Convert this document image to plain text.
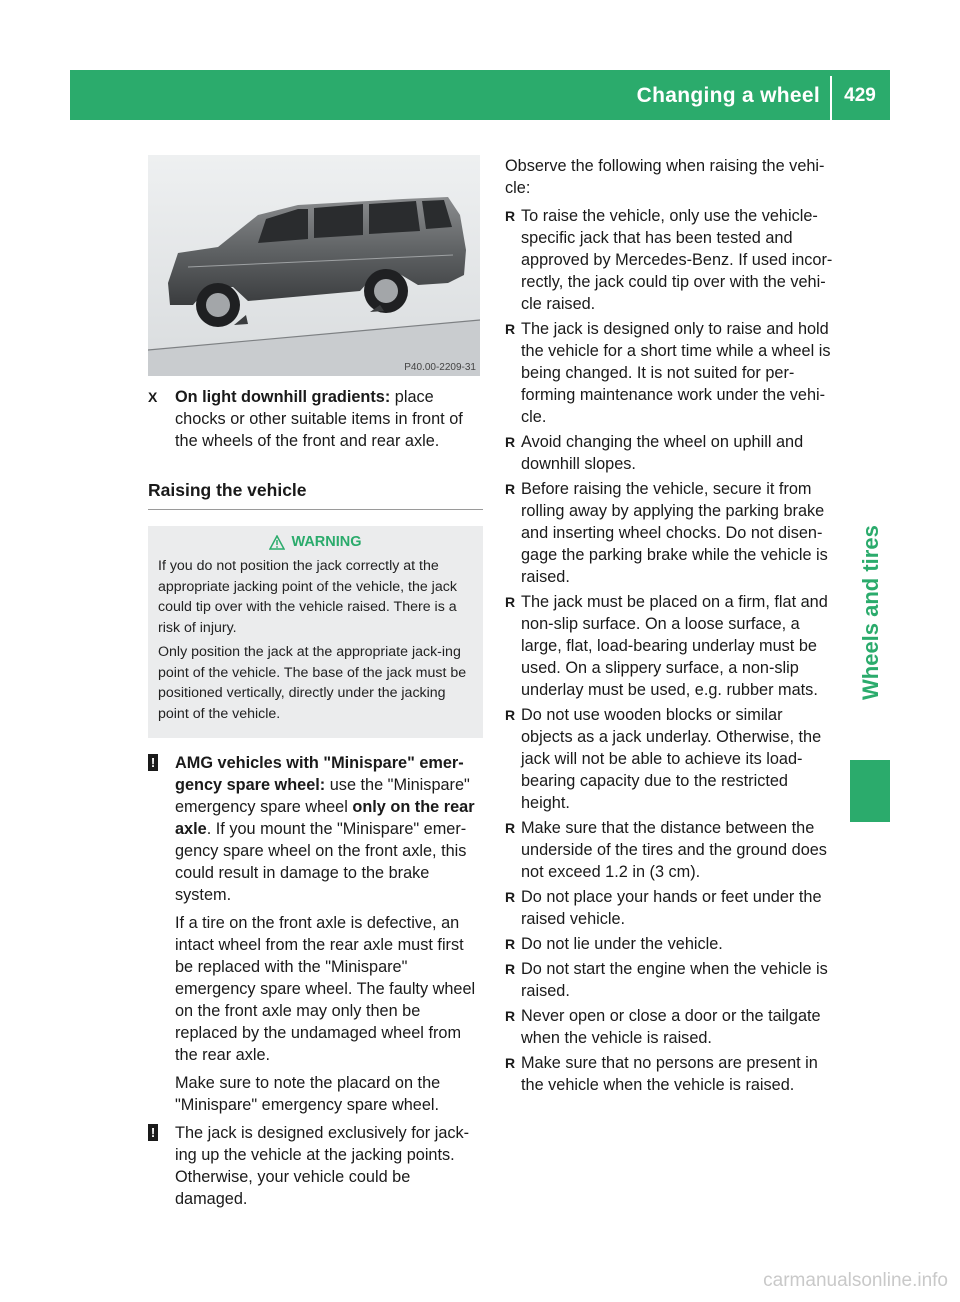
Changing a wheel	429
Wheels and tires
P40.00-2209-31
X On light downhill gradients: place chocks or other suitable items in front of the wheels of the front and rear axle.
Raising the vehicle
WARNING

If you do not position the jack correctly at the appropriate jacking point of the vehicle, the jack could tip over with the vehicle raised. There is a risk of injury.

Only position the jack at the appropriate jack-ing point of the vehicle. The base of the jack must be positioned vertically, directly under the jacking point of the vehicle.

! AMG vehicles with "Minispare" emer-gency spare wheel: use the "Minispare" emergency spare wheel only on the rear axle. If you mount the "Minispare" emer-gency spare wheel on the front axle, this could result in damage to the brake system.

If a tire on the front axle is defective, an intact wheel from the rear axle must first be replaced with the "Minispare" emergency spare wheel. The faulty wheel on the front axle may only then be replaced by the undamaged wheel from the rear axle.

Make sure to note the placard on the "Minispare" emergency spare wheel.

! The jack is designed exclusively for jack-ing up the vehicle at the jacking points. Otherwise, your vehicle could be damaged.

Observe the following when raising the vehi-cle:
R To raise the vehicle, only use the vehicle-specific jack that has been tested and approved by Mercedes-Benz. If used incor-rectly, the jack could tip over with the vehi-cle raised.
R The jack is designed only to raise and hold the vehicle for a short time while a wheel is being changed. It is not suited for per-forming maintenance work under the vehi-cle.
R Avoid changing the wheel on uphill and downhill slopes.
R Before raising the vehicle, secure it from rolling away by applying the parking brake and inserting wheel chocks. Do not disen-gage the parking brake while the vehicle is raised.
R The jack must be placed on a firm, flat and non-slip surface. On a loose surface, a large, flat, load-bearing underlay must be used. On a slippery surface, a non-slip underlay must be used, e.g. rubber mats.
R Do not use wooden blocks or similar objects as a jack underlay. Otherwise, the jack will not be able to achieve its load-bearing capacity due to the restricted height.
R Make sure that the distance between the underside of the tires and the ground does not exceed 1.2 in (3 cm).
R Do not place your hands or feet under the raised vehicle.
R Do not lie under the vehicle.
R Do not start the engine when the vehicle is raised.
R Never open or close a door or the tailgate when the vehicle is raised.
R Make sure that no persons are present in the vehicle when the vehicle is raised.
carmanualsonline.info
